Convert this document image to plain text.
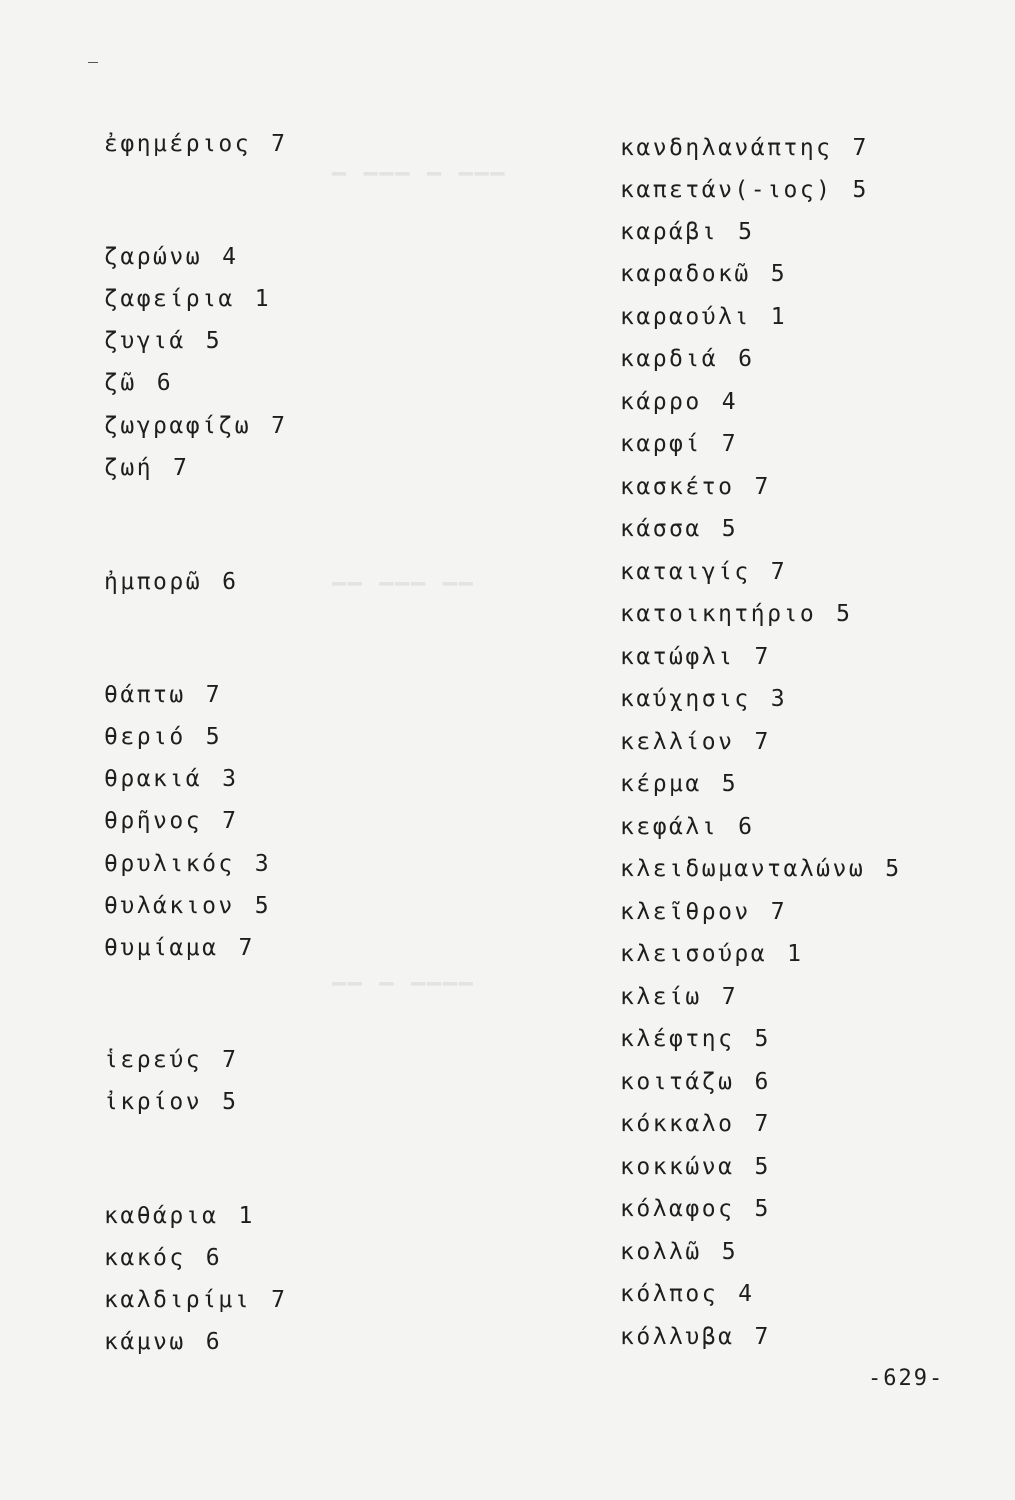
▁▁▁ ▁ ▁▁▁ ▁
▁▁ ▁▁▁ ▁▁
▁▁▁▁ ▁ ▁▁
ἐφημέριος 7
ζαρώνω 4
ζαφείρια 1
ζυγιά 5
ζῶ 6
ζωγραφίζω 7
ζωή 7
ἠμπορῶ 6
θάπτω 7
θεριό 5
θρακιά 3
θρῆνος 7
θρυλικός 3
θυλάκιον 5
θυμίαμα 7
ἱερεύς 7
ἰκρίον 5
καθάρια 1
κακός 6
καλδιρίμι 7
κάμνω 6
κανδηλανάπτης 7
καπετάν(-ιος) 5
καράβι 5
καραδοκῶ 5
καραούλι 1
καρδιά 6
κάρρο 4
καρφί 7
κασκέτο 7
κάσσα 5
καταιγίς 7
κατοικητήριο 5
κατώφλι 7
καύχησις 3
κελλίον 7
κέρμα 5
κεφάλι 6
κλειδωμανταλώνω 5
κλεῖθρον 7
κλεισούρα 1
κλείω 7
κλέφτης 5
κοιτάζω 6
κόκκαλο 7
κοκκώνα 5
κόλαφος 5
κολλῶ 5
κόλπος 4
κόλλυβα 7
-629-
